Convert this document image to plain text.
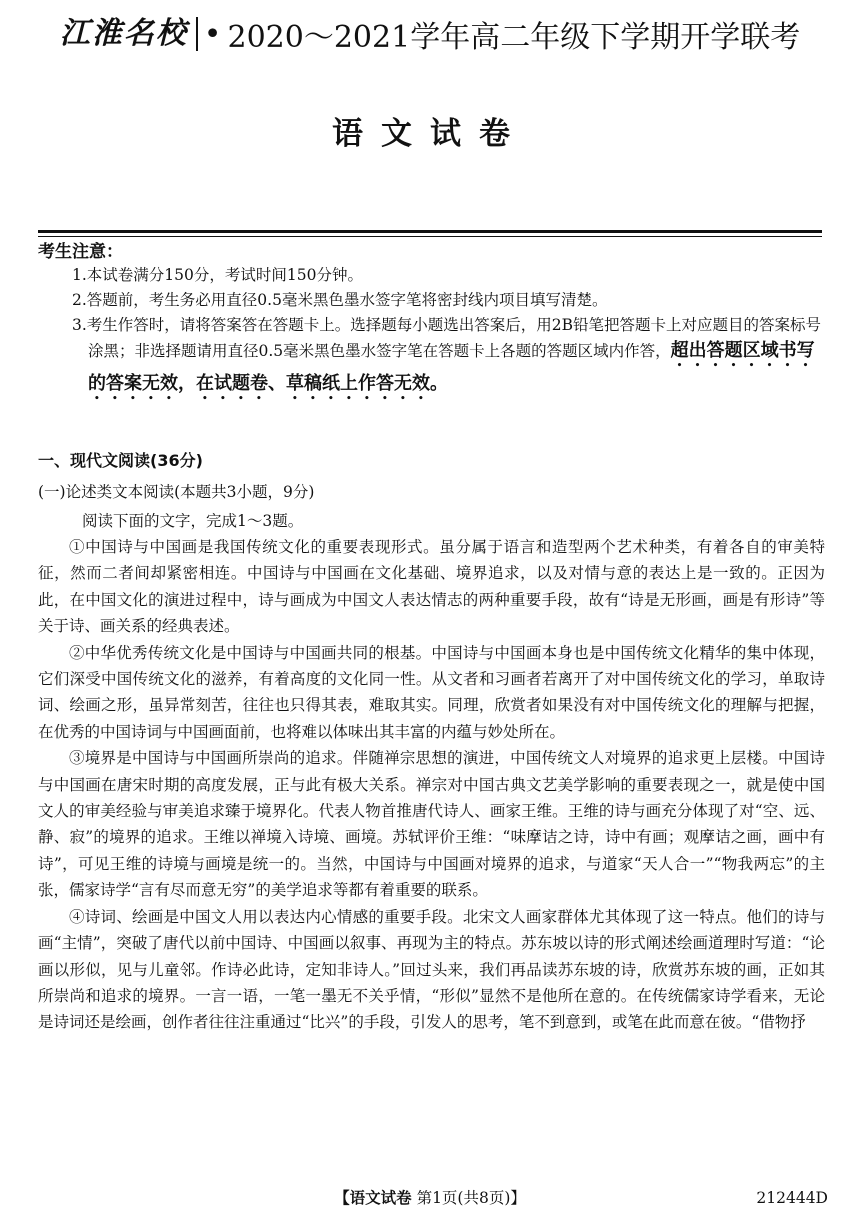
江淮名校 • 2020～2021学年高二年级下学期开学联考
语文试卷
考生注意：
1.本试卷满分150分，考试时间150分钟。
2.答题前，考生务必用直径0.5毫米黑色墨水签字笔将密封线内项目填写清楚。
3.考生作答时，请将答案答在答题卡上。选择题每小题选出答案后，用2B铅笔把答题卡上对应题目的答案标号涂黑；非选择题请用直径0.5毫米黑色墨水签字笔在答题卡上各题的答题区域内作答，超出答题区域书写的答案无效，在试题卷、草稿纸上作答无效。
一、现代文阅读(36分)
(一)论述类文本阅读(本题共3小题，9分)
阅读下面的文字，完成1～3题。

①中国诗与中国画是我国传统文化的重要表现形式。虽分属于语言和造型两个艺术种类，有着各自的审美特征，然而二者间却紧密相连。中国诗与中国画在文化基础、境界追求，以及对情与意的表达上是一致的。正因为此，在中国文化的演进过程中，诗与画成为中国文人表达情志的两种重要手段，故有“诗是无形画，画是有形诗”等关于诗、画关系的经典表述。

②中华优秀传统文化是中国诗与中国画共同的根基。中国诗与中国画本身也是中国传统文化精华的集中体现，它们深受中国传统文化的滋养，有着高度的文化同一性。从文者和习画者若离开了对中国传统文化的学习，单取诗词、绘画之形，虽异常刻苦，往往也只得其表，难取其实。同理，欣赏者如果没有对中国传统文化的理解与把握，在优秀的中国诗词与中国画面前，也将难以体味出其丰富的内蕴与妙处所在。

③境界是中国诗与中国画所崇尚的追求。伴随禅宗思想的演进，中国传统文人对境界的追求更上层楼。中国诗与中国画在唐宋时期的高度发展，正与此有极大关系。禅宗对中国古典文艺美学影响的重要表现之一，就是使中国文人的审美经验与审美追求臻于境界化。代表人物首推唐代诗人、画家王维。王维的诗与画充分体现了对“空、远、静、寂”的境界的追求。王维以禅境入诗境、画境。苏轼评价王维：“味摩诘之诗，诗中有画；观摩诘之画，画中有诗”，可见王维的诗境与画境是统一的。当然，中国诗与中国画对境界的追求，与道家“天人合一”“物我两忘”的主张，儒家诗学“言有尽而意无穷”的美学追求等都有着重要的联系。

④诗词、绘画是中国文人用以表达内心情感的重要手段。北宋文人画家群体尤其体现了这一特点。他们的诗与画“主情”，突破了唐代以前中国诗、中国画以叙事、再现为主的特点。苏东坡以诗的形式阐述绘画道理时写道：“论画以形似，见与儿童邻。作诗必此诗，定知非诗人。”回过头来，我们再品读苏东坡的诗，欣赏苏东坡的画，正如其所崇尚和追求的境界。一言一语，一笔一墨无不关乎情，“形似”显然不是他所在意的。在传统儒家诗学看来，无论是诗词还是绘画，创作者往往注重通过“比兴”的手段，引发人的思考，笔不到意到，或笔在此而意在彼。“借物抒

【语文试卷 第1页(共8页)】	212444D
